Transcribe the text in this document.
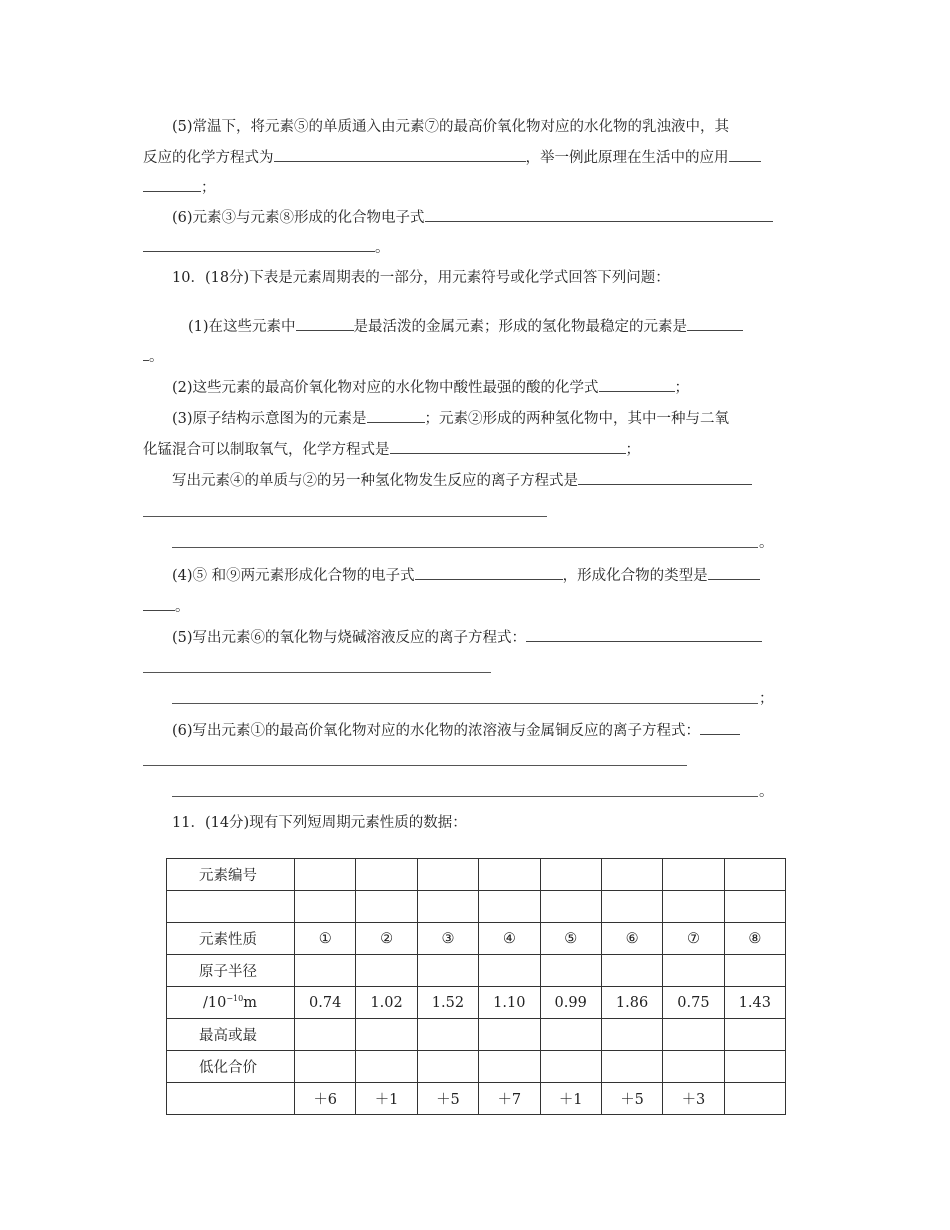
(5)常温下，将元素⑤的单质通入由元素⑦的最高价氧化物对应的水化物的乳浊液中，其
反应的化学方程式为	，举一例此原理在生活中的应用
；
(6)元素③与元素⑧形成的化合物电子式
。
10．(18分)下表是元素周期表的一部分，用元素符号或化学式回答下列问题：
(1)在这些元素中	是最活泼的金属元素；形成的氢化物最稳定的元素是
。
(2)这些元素的最高价氧化物对应的水化物中酸性最强的酸的化学式	；
(3)原子结构示意图为的元素是	；元素②形成的两种氢化物中，其中一种与二氧
化锰混合可以制取氧气，化学方程式是	；
写出元素④的单质与②的另一种氢化物发生反应的离子方程式是
。
(4)⑤ 和⑨两元素形成化合物的电子式	，形成化合物的类型是
。
(5)写出元素⑥的氧化物与烧碱溶液反应的离子方程式：
；
(6)写出元素①的最高价氧化物对应的水化物的浓溶液与金属铜反应的离子方程式：
。
11．(14分)现有下列短周期元素性质的数据：
元素编号								

元素性质	①	②	③	④	⑤	⑥	⑦	⑧
原子半径								
$/10^{-10}m$	0.74	1.02	1.52	1.10	0.99	1.86	0.75	1.43
最高或最								
低化合价								
	＋6	＋1	＋5	＋7	＋1	＋5	＋3	
